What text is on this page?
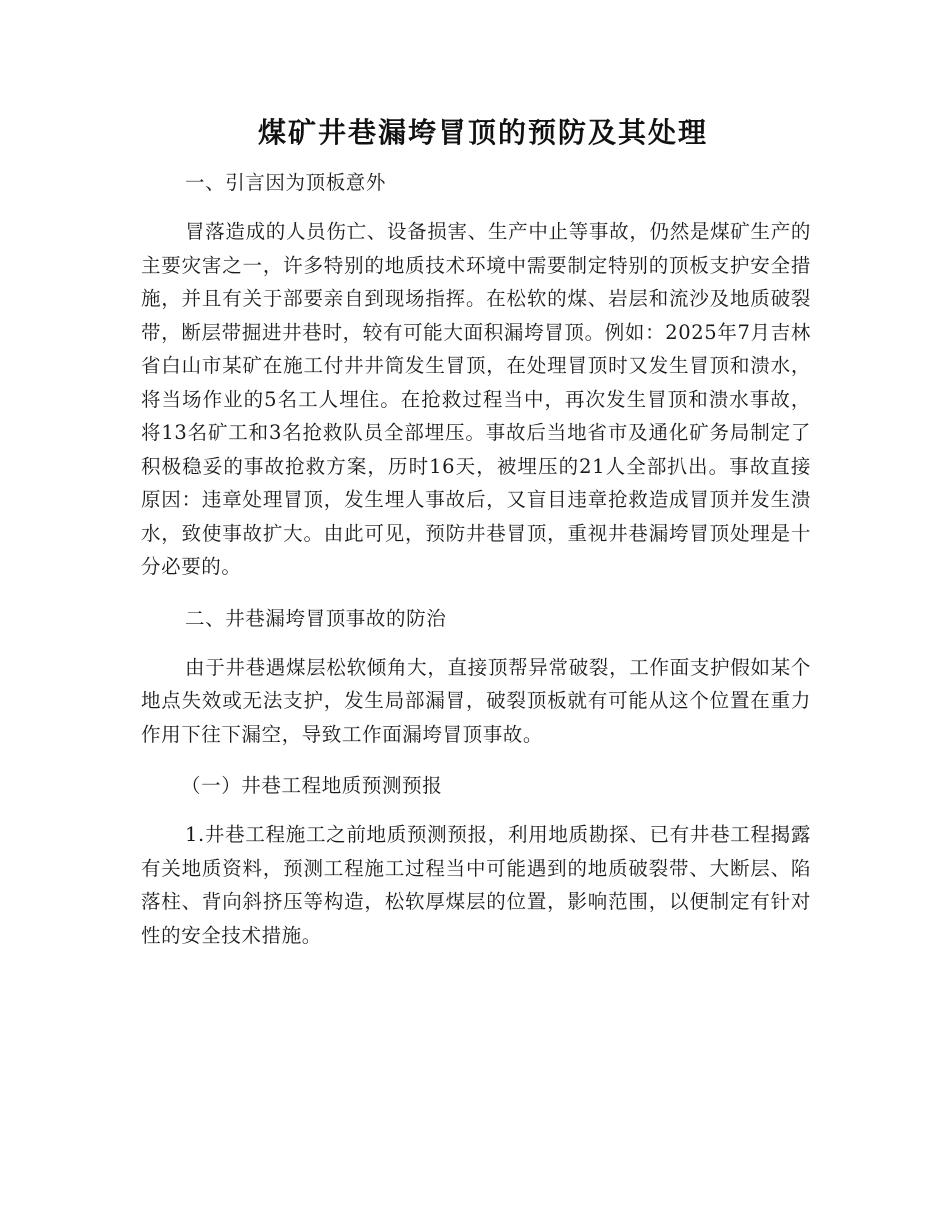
煤矿井巷漏垮冒顶的预防及其处理

一、引言因为顶板意外

冒落造成的人员伤亡、设备损害、生产中止等事故，仍然是煤矿生产的主要灾害之一，许多特别的地质技术环境中需要制定特别的顶板支护安全措施，并且有关于部要亲自到现场指挥。在松软的煤、岩层和流沙及地质破裂带，断层带掘进井巷时，较有可能大面积漏垮冒顶。例如：2025年7月吉林省白山市某矿在施工付井井筒发生冒顶，在处理冒顶时又发生冒顶和溃水，将当场作业的5名工人埋住。在抢救过程当中，再次发生冒顶和溃水事故，将13名矿工和3名抢救队员全部埋压。事故后当地省市及通化矿务局制定了积极稳妥的事故抢救方案，历时16天，被埋压的21人全部扒出。事故直接原因：违章处理冒顶，发生埋人事故后，又盲目违章抢救造成冒顶并发生溃水，致使事故扩大。由此可见，预防井巷冒顶，重视井巷漏垮冒顶处理是十分必要的。

二、井巷漏垮冒顶事故的防治

由于井巷遇煤层松软倾角大，直接顶帮异常破裂，工作面支护假如某个地点失效或无法支护，发生局部漏冒，破裂顶板就有可能从这个位置在重力作用下往下漏空，导致工作面漏垮冒顶事故。

（一）井巷工程地质预测预报

1.井巷工程施工之前地质预测预报，利用地质勘探、已有井巷工程揭露有关地质资料，预测工程施工过程当中可能遇到的地质破裂带、大断层、陷落柱、背向斜挤压等构造，松软厚煤层的位置，影响范围，以便制定有针对性的安全技术措施。
